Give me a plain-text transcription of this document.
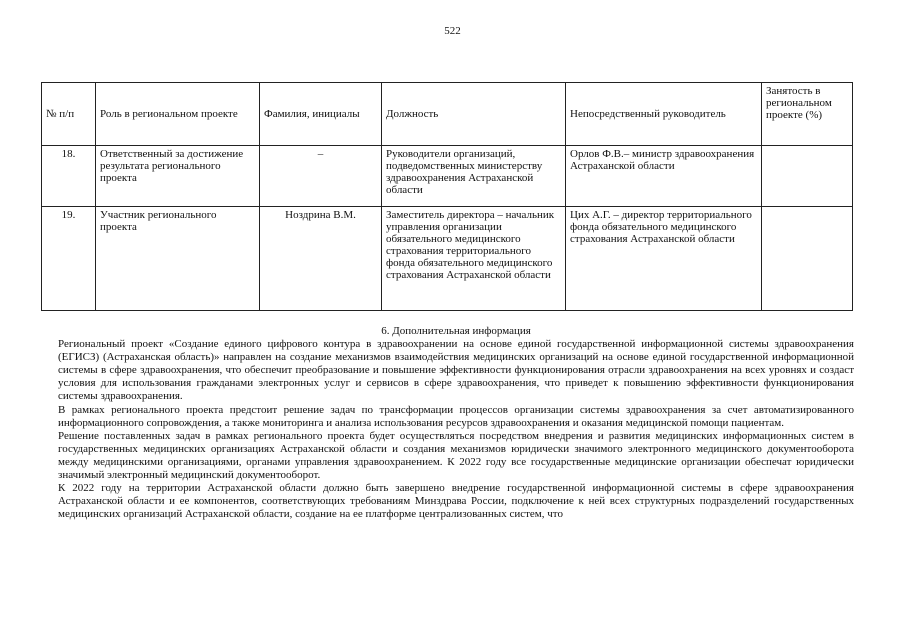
522
№ п/п	Роль в региональном проекте	Фамилия, инициалы	Должность	Непосредственный руководитель	Занятость в региональном проекте (%)
18.	Ответственный за достижение результата регионального проекта	–	Руководители организаций, подведомственных министерству здравоохранения Астраханской области	Орлов Ф.В.– министр здравоохранения Астраханской области	
19.	Участник регионального проекта	Ноздрина В.М.	Заместитель директора – начальник управления организации обязательного медицинского страхования территориального фонда обязательного медицинского страхования Астраханской области	Цих А.Г. – директор территориального фонда обязательного медицинского страхования Астраханской области	

6. Дополнительная информация

Региональный проект «Создание единого цифрового контура в здравоохранении на основе единой государственной информационной системы здравоохранения (ЕГИСЗ) (Астраханская область)» направлен на создание механизмов взаимодействия медицинских организаций на основе единой государственной информационной системы в сфере здравоохранения, что обеспечит преобразование и повышение эффективности функционирования отрасли здравоохранения на всех уровнях и создаст условия для использования гражданами электронных услуг и сервисов в сфере здравоохранения, что приведет к повышению эффективности функционирования системы здравоохранения.

В рамках регионального проекта предстоит решение задач по трансформации процессов организации системы здравоохранения за счет автоматизированного информационного сопровождения, а также мониторинга и анализа использования ресурсов здравоохранения и оказания медицинской помощи пациентам.

Решение поставленных задач в рамках регионального проекта будет осуществляться посредством внедрения и развития медицинских информационных систем в государственных медицинских организациях Астраханской области и создания механизмов юридически значимого электронного медицинского документооборота между медицинскими организациями, органами управления здравоохранением. К 2022 году все государственные медицинские организации обеспечат юридически значимый электронный медицинский документооборот.

К 2022 году на территории Астраханской области должно быть завершено внедрение государственной информационной системы в сфере здравоохранения Астраханской области и ее компонентов, соответствующих требованиям Минздрава России, подключение к ней всех структурных подразделений государственных медицинских организаций Астраханской области, создание на ее платформе централизованных систем, что
